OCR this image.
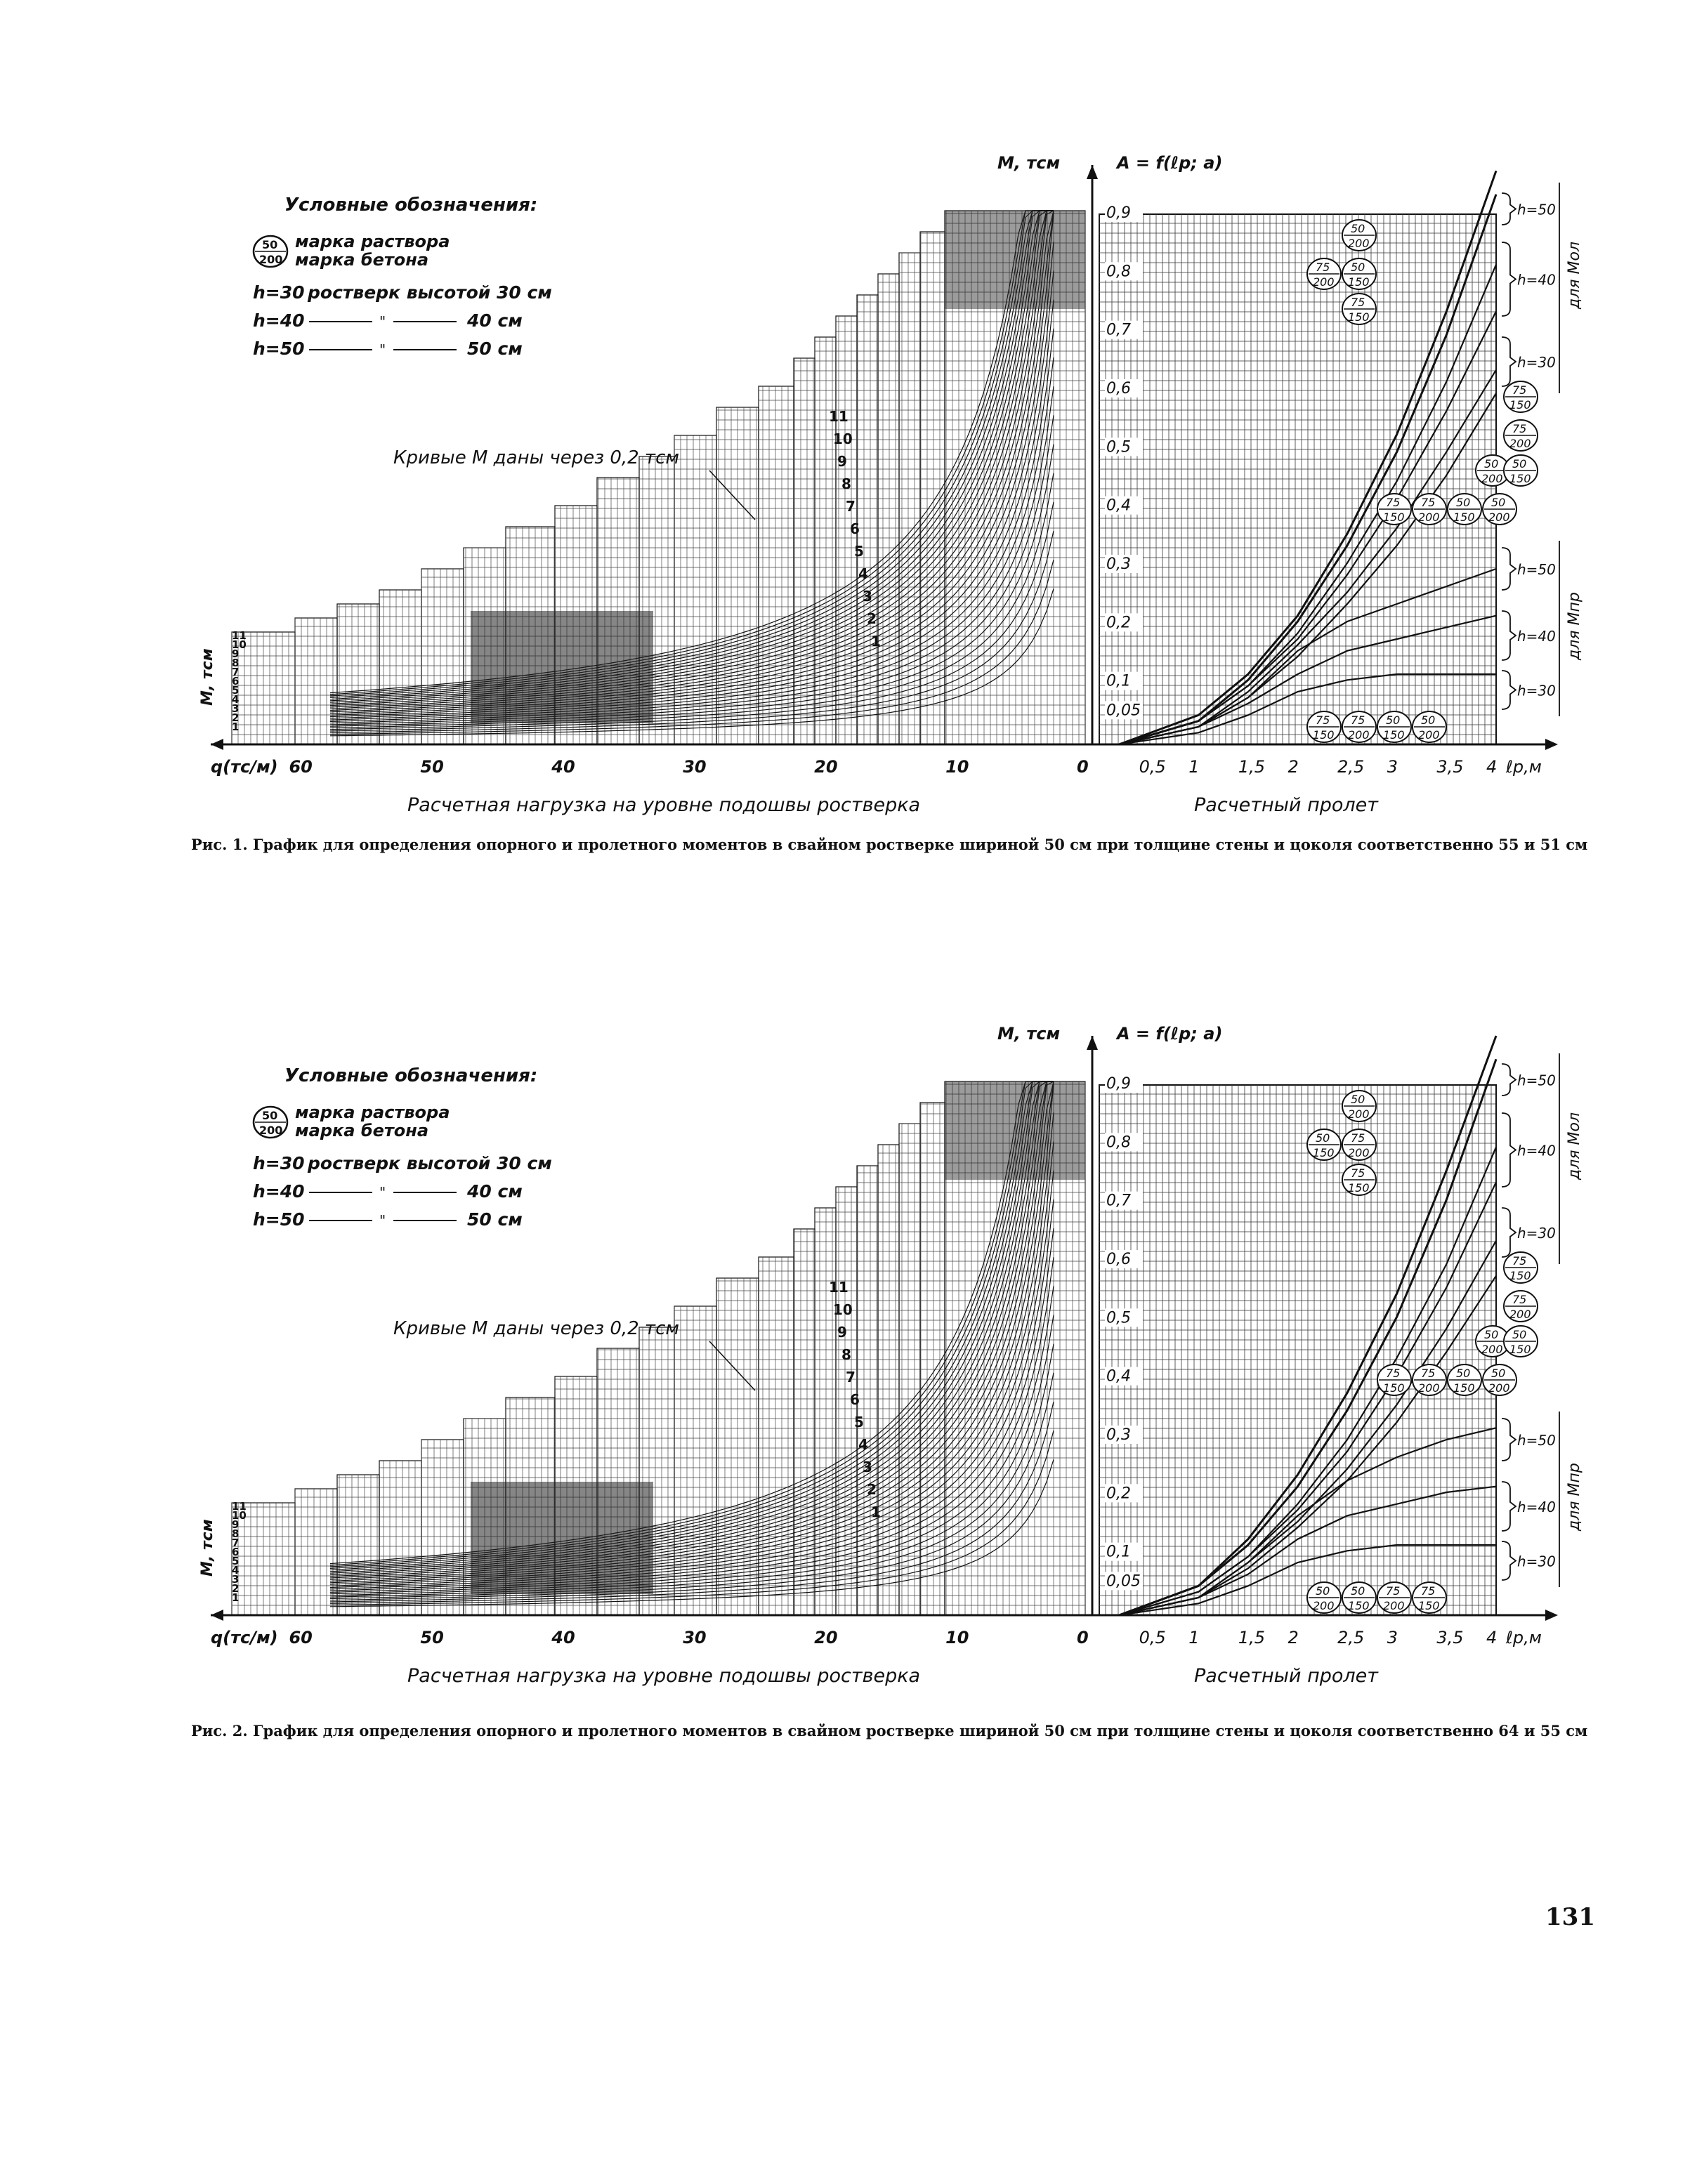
1
2
3
4
5
6
7
8
9
10
11
60	50	40	30	20	10	0
q(тс/м)	0,5 1 1,5 2 2,5 3 3,5 4 ℓp,м
0,05
0,1
0,2
0,3
0,4
0,5
0,6
0,7
0,8
0,9
1
2
3
4
5
6
7
8
9
10
11
М, тсм
М, тсм	A = f(ℓp; a)
Расчетная нагрузка на уровне подошвы ростверка	Расчетный пролет
50
200
75
200
50
150
75
150
75
150
75
200
50
200
50
150
75
150
75
200
50
150
50
200
75
150
75
200
50
150
50
200
h=50
h=40
h=30
h=50
h=40
h=30
для Мол
для Мпр
Условные обозначения:
50
200
марка раствора
марка бетона
h=30 ростверк высотой 30 см
h=40	"	40 см
h=50	"	50 см
Кривые М даны через 0,2 тсм
Рис. 1. График для определения опорного и пролетного моментов в свайном ростверке шириной 50 см при толщине стены и цоколя соответственно 55 и 51 см
1
2
3
4
5
6
7
8
9
10
11
60	50	40	30	20	10	0
q(тс/м)	0,5 1 1,5 2 2,5 3 3,5 4 ℓp,м
0,05
0,1
0,2
0,3
0,4
0,5
0,6
0,7
0,8
0,9
1
2
3
4
5
6
7
8
9
10
11
М, тсм
М, тсм	A = f(ℓp; a)
Расчетная нагрузка на уровне подошвы ростверка	Расчетный пролет
50
200
50
150
75
200
75
150
75
150
75
200
50
200
50
150
75
150
75
200
50
150
50
200
50
200
50
150
75
200
75
150
h=50
h=40
h=30
h=50
h=40
h=30
для Мол
для Мпр
Условные обозначения:
50
200
марка раствора
марка бетона
h=30 ростверк высотой 30 см
h=40	"	40 см
h=50	"	50 см
Кривые М даны через 0,2 тсм
Рис. 2. График для определения опорного и пролетного моментов в свайном ростверке шириной 50 см при толщине стены и цоколя соответственно 64 и 55 см
131
